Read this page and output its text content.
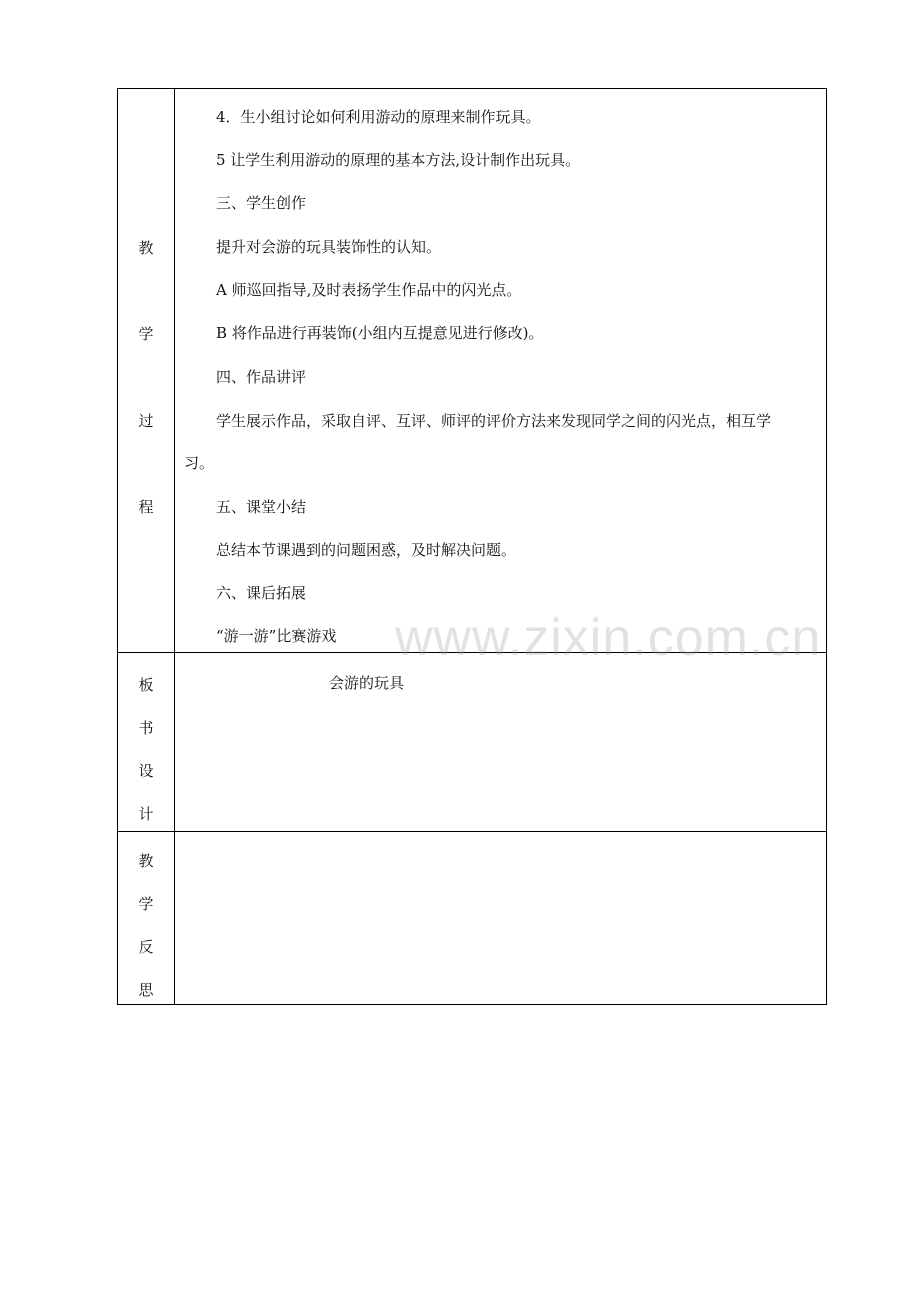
教
学
过
程
板
书
设
计
教
学
反
思

4．生小组讨论如何利用游动的原理来制作玩具。

5 让学生利用游动的原理的基本方法,设计制作出玩具。

三、学生创作

提升对会游的玩具装饰性的认知。

A 师巡回指导,及时表扬学生作品中的闪光点。

B 将作品进行再装饰(小组内互提意见进行修改)。

四、作品讲评

学生展示作品，采取自评、互评、师评的评价方法来发现同学之间的闪光点，相互学

习。

五、课堂小结

总结本节课遇到的问题困惑，及时解决问题。

六、课后拓展

“游一游”比赛游戏

会游的玩具

www.zixin.com.cn
